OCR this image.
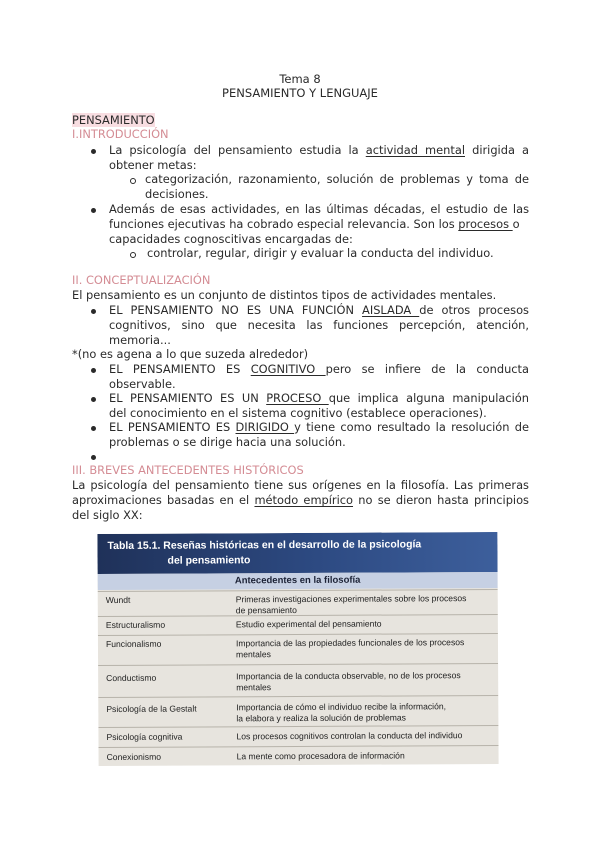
Tema 8
PENSAMIENTO Y LENGUAJE
PENSAMIENTO
I.INTRODUCCIÓN
La psicología del pensamiento estudia la actividad mental dirigida a
obtener metas:
categorización, razonamiento, solución de problemas y toma de
decisiones.
Además de esas actividades, en las últimas décadas, el estudio de las
funciones ejecutivas ha cobrado especial relevancia. Son los procesos o
capacidades cognoscitivas encargadas de:
controlar, regular, dirigir y evaluar la conducta del individuo.
II. CONCEPTUALIZACIÓN
El pensamiento es un conjunto de distintos tipos de actividades mentales.
EL PENSAMIENTO NO ES UNA FUNCIÓN AISLADA de otros procesos
cognitivos, sino que necesita las funciones percepción, atención,
memoria...
*(no es agena a lo que suzeda alrededor)
EL PENSAMIENTO ES COGNITIVO pero se infiere de la conducta
observable.
EL PENSAMIENTO ES UN PROCESO que implica alguna manipulación
del conocimiento en el sistema cognitivo (establece operaciones).
EL PENSAMIENTO ES DIRIGIDO y tiene como resultado la resolución de
problemas o se dirige hacia una solución.
III. BREVES ANTECEDENTES HISTÓRICOS
La psicología del pensamiento tiene sus orígenes en la filosofía. Las primeras
aproximaciones basadas en el método empírico no se dieron hasta principios
del siglo XX:
Tabla 15.1. Reseñas históricas en el desarrollo de la psicología
del pensamiento
Antecedentes en la filosofía
Wundt	Primeras investigaciones experimentales sobre los procesos
de pensamiento
Estructuralismo	Estudio experimental del pensamiento
Funcionalismo	Importancia de las propiedades funcionales de los procesos
mentales
Conductismo	Importancia de la conducta observable, no de los procesos
mentales
Psicología de la Gestalt	Importancia de cómo el individuo recibe la información,
la elabora y realiza la solución de problemas
Psicología cognitiva	Los procesos cognitivos controlan la conducta del individuo
Conexionismo	La mente como procesadora de información
